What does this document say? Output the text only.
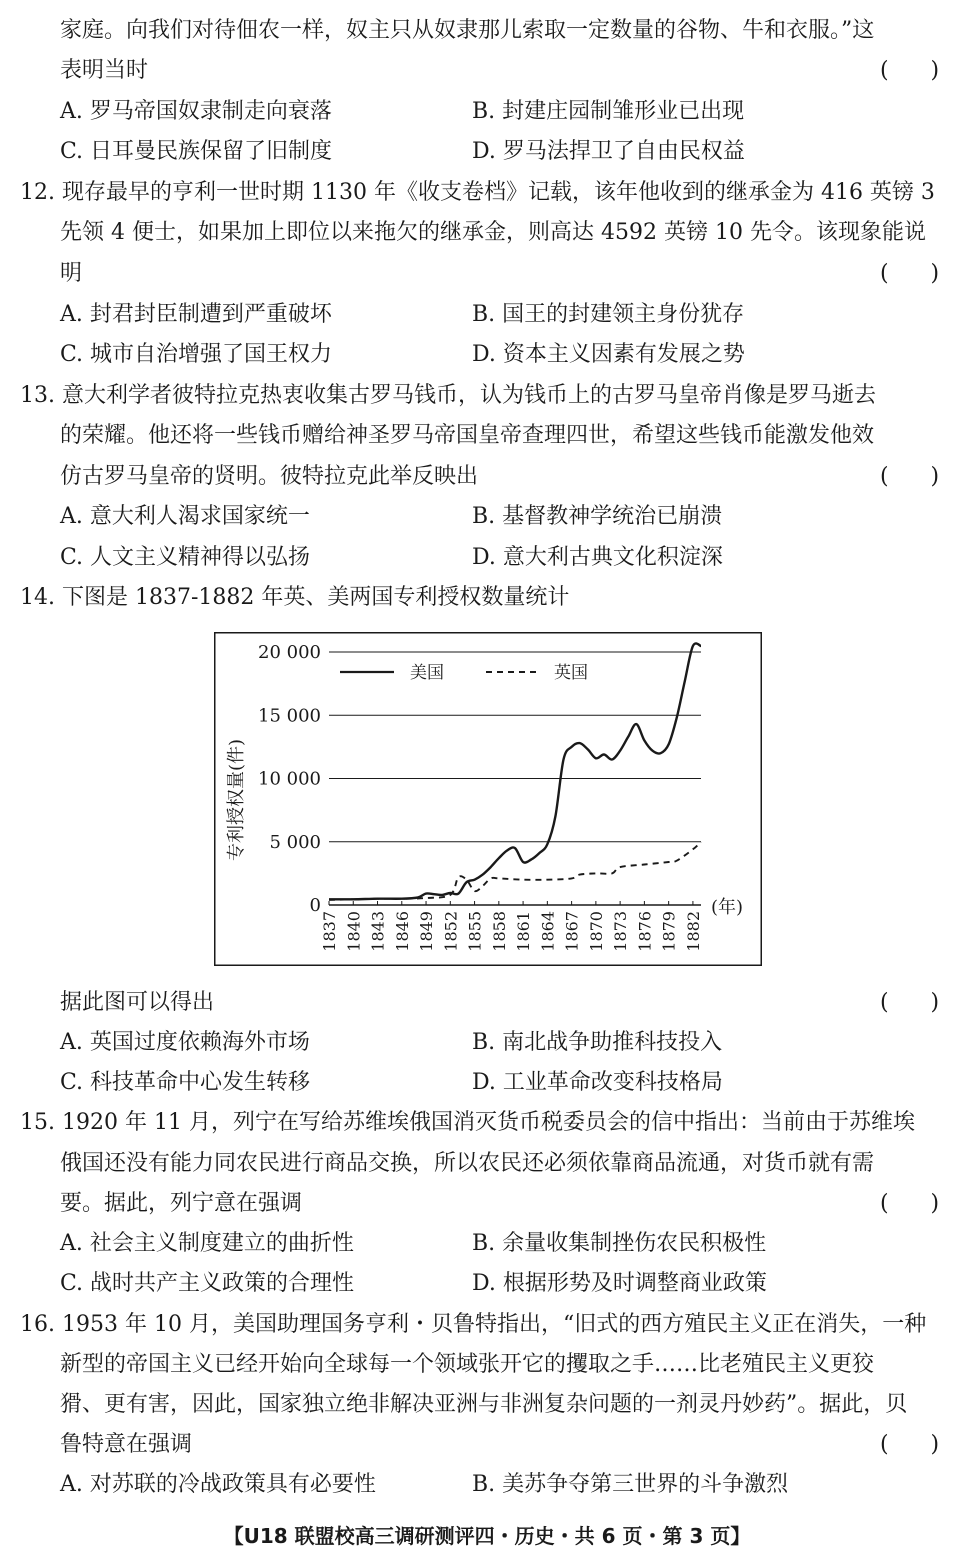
家庭。向我们对待佃农一样，奴主只从奴隶那儿索取一定数量的谷物、牛和衣服。”这
表明当时	(      )
A. 罗马帝国奴隶制走向衰落	B. 封建庄园制雏形业已出现
C. 日耳曼民族保留了旧制度	D. 罗马法捍卫了自由民权益
12. 现存最早的亨利一世时期 1130 年《收支卷档》记载，该年他收到的继承金为 416 英镑 3
先领 4 便士，如果加上即位以来拖欠的继承金，则高达 4592 英镑 10 先令。该现象能说
明	(      )
A. 封君封臣制遭到严重破坏	B. 国王的封建领主身份犹存
C. 城市自治增强了国王权力	D. 资本主义因素有发展之势
13. 意大利学者彼特拉克热衷收集古罗马钱币，认为钱币上的古罗马皇帝肖像是罗马逝去
的荣耀。他还将一些钱币赠给神圣罗马帝国皇帝查理四世，希望这些钱币能激发他效
仿古罗马皇帝的贤明。彼特拉克此举反映出	(      )
A. 意大利人渴求国家统一	B. 基督教神学统治已崩溃
C. 人文主义精神得以弘扬	D. 意大利古典文化积淀深
14. 下图是 1837-1882 年英、美两国专利授权数量统计
0
5 000
10 000
15 000
20 000
1837 1840 1843 1846 1849 1852 1855 1858 1861 1864 1867 1870 1873 1876 1879 1882
专利授权量(件)
(年)
美国	英国
据此图可以得出	(      )
A. 英国过度依赖海外市场	B. 南北战争助推科技投入
C. 科技革命中心发生转移	D. 工业革命改变科技格局
15. 1920 年 11 月，列宁在写给苏维埃俄国消灭货币税委员会的信中指出：当前由于苏维埃
俄国还没有能力同农民进行商品交换，所以农民还必须依靠商品流通，对货币就有需
要。据此，列宁意在强调	(      )
A. 社会主义制度建立的曲折性	B. 余量收集制挫伤农民积极性
C. 战时共产主义政策的合理性	D. 根据形势及时调整商业政策
16. 1953 年 10 月，美国助理国务亨利・贝鲁特指出，“旧式的西方殖民主义正在消失，一种
新型的帝国主义已经开始向全球每一个领域张开它的攫取之手……比老殖民主义更狡
猾、更有害，因此，国家独立绝非解决亚洲与非洲复杂问题的一剂灵丹妙药”。据此，贝
鲁特意在强调	(      )
A. 对苏联的冷战政策具有必要性	B. 美苏争夺第三世界的斗争激烈
【U18 联盟校高三调研测评四・历史・共 6 页・第 3 页】
